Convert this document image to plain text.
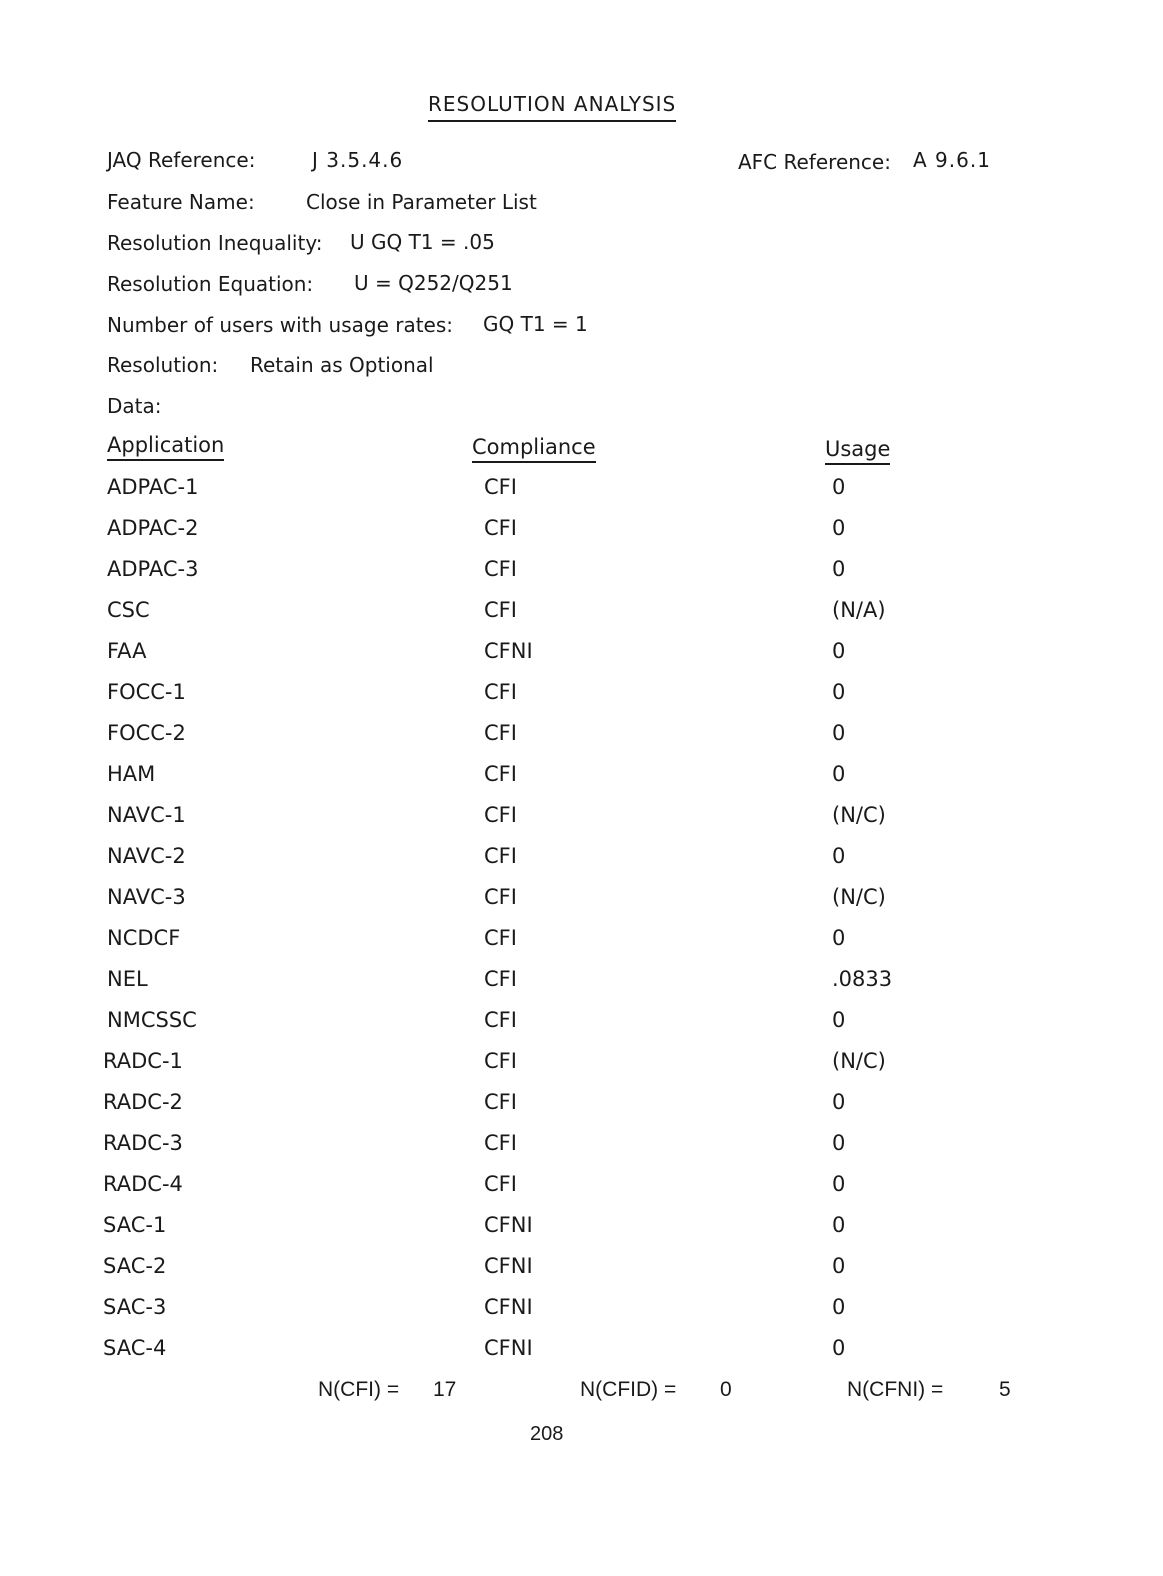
RESOLUTION ANALYSIS
JAQ Reference:	J 3.5.4.6	AFC Reference: A 9.6.1
Feature Name:	Close in Parameter List
Resolution Inequality: U GQ T1 = .05
Resolution Equation: U = Q252/Q251
Number of users with usage rates: GQ T1 = 1
Resolution: Retain as Optional
Data:
Application	Compliance	Usage
ADPAC-1	CFI	0
ADPAC-2	CFI	0
ADPAC-3	CFI	0
CSC	CFI	(N/A)
FAA	CFNI	0
FOCC-1	CFI	0
FOCC-2	CFI	0
HAM	CFI	0
NAVC-1	CFI	(N/C)
NAVC-2	CFI	0
NAVC-3	CFI	(N/C)
NCDCF	CFI	0
NEL	CFI	.0833
NMCSSC	CFI	0
RADC-1	CFI	(N/C)
RADC-2	CFI	0
RADC-3	CFI	0
RADC-4	CFI	0
SAC-1	CFNI	0
SAC-2	CFNI	0
SAC-3	CFNI	0
SAC-4	CFNI	0
N(CFI) = 17	N(CFID) = 0	N(CFNI) =	5
208
